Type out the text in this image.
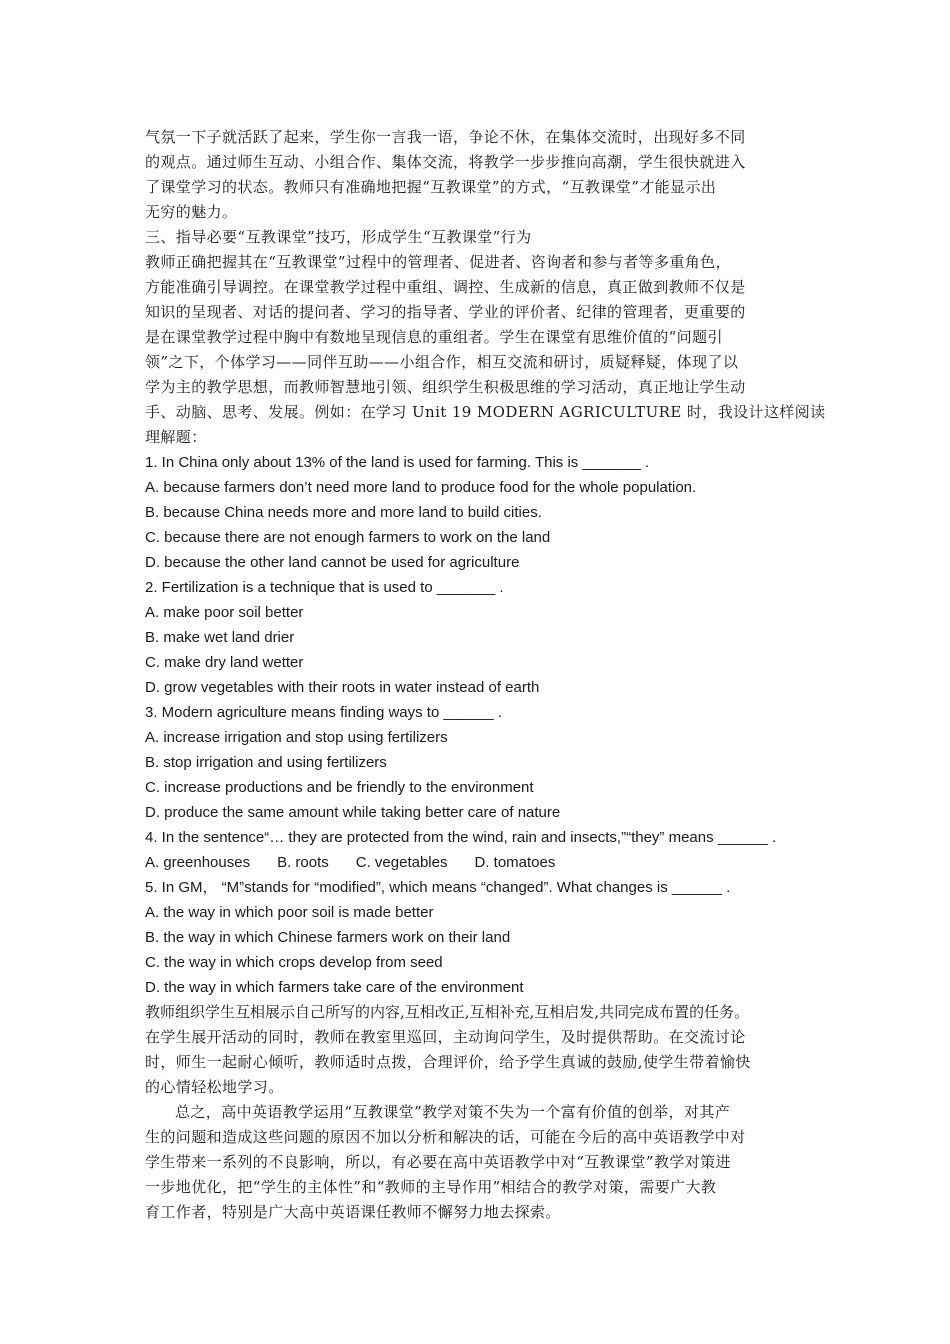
气氛一下子就活跃了起来，学生你一言我一语，争论不休，在集体交流时，出现好多不同
的观点。通过师生互动、小组合作、集体交流，将教学一步步推向高潮，学生很快就进入
了课堂学习的状态。教师只有准确地把握“互教课堂”的方式，“互教课堂”才能显示出
无穷的魅力。
三、指导必要“互教课堂”技巧，形成学生“互教课堂”行为
教师正确把握其在“互教课堂”过程中的管理者、促进者、咨询者和参与者等多重角色，
方能准确引导调控。在课堂教学过程中重组、调控、生成新的信息，真正做到教师不仅是
知识的呈现者、对话的提问者、学习的指导者、学业的评价者、纪律的管理者，更重要的
是在课堂教学过程中胸中有数地呈现信息的重组者。学生在课堂有思维价值的“问题引
领”之下，个体学习——同伴互助——小组合作，相互交流和研讨，质疑释疑，体现了以
学为主的教学思想，而教师智慧地引领、组织学生积极思维的学习活动，真正地让学生动
手、动脑、思考、发展。例如：在学习 Unit 19 MODERN AGRICULTURE 时，我设计这样阅读
理解题：
1. In China only about 13% of the land is used for farming. This is _______ .
A. because farmers don’t need more land to produce food for the whole population.
B. because China needs more and more land to build cities.
C. because there are not enough farmers to work on the land
D. because the other land cannot be used for agriculture
2. Fertilization is a technique that is used to _______ .
A. make poor soil better
B. make wet land drier
C. make dry land wetter
D. grow vegetables with their roots in water instead of earth
3. Modern agriculture means finding ways to ______ .
A. increase irrigation and stop using fertilizers
B. stop irrigation and using fertilizers
C. increase productions and be friendly to the environment
D. produce the same amount while taking better care of nature
4. In the sentence“… they are protected from the wind, rain and insects,”“they” means ______ .
A. greenhouses B. roots C. vegetables D. tomatoes
5. In GM， “M”stands for “modified”, which means “changed”. What changes is ______ .
A. the way in which poor soil is made better
B. the way in which Chinese farmers work on their land
C. the way in which crops develop from seed
D. the way in which farmers take care of the environment
教师组织学生互相展示自己所写的内容,互相改正,互相补充,互相启发,共同完成布置的任务。
在学生展开活动的同时，教师在教室里巡回，主动询问学生，及时提供帮助。在交流讨论
时，师生一起耐心倾听，教师适时点拨，合理评价，给予学生真诚的鼓励,使学生带着愉快
的心情轻松地学习。
总之，高中英语教学运用“互教课堂”教学对策不失为一个富有价值的创举，对其产
生的问题和造成这些问题的原因不加以分析和解决的话，可能在今后的高中英语教学中对
学生带来一系列的不良影响，所以，有必要在高中英语教学中对“互教课堂”教学对策进
一步地优化，把“学生的主体性”和“教师的主导作用”相结合的教学对策，需要广大教
育工作者，特别是广大高中英语课任教师不懈努力地去探索。
